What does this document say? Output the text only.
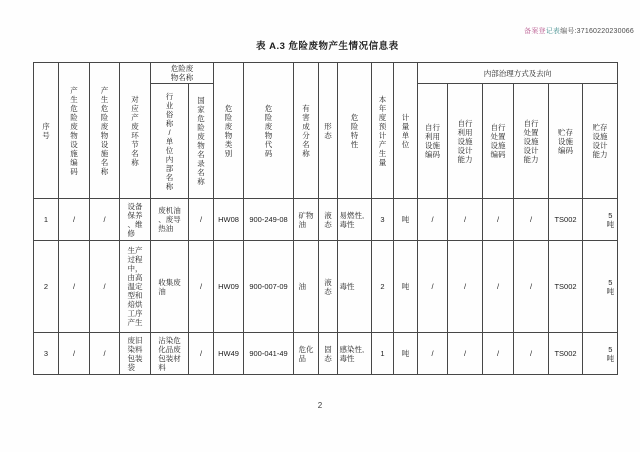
备案登记表编号:37160220230066
表 A.3 危险废物产生情况信息表
序号	产生危险废物设施编码	产生危险废物设施名称	对应产废环节名称	危险废物名称		危险废物类别	危险废物代码	有害成分名称	形态	危险特性	本年度预计产生量	计量单位	内部治理方式及去向					

				行业俗称/单位内部名称	国家危险废物名录名称								自行利用设施编码	自行利用设施设计能力	自行处置设施编码	自行处置设施设计能力	贮存设施编码	贮存设施设计能力

1	/	/	设备保养、维修	废机油、废导热油	/	HW08	900-249-08	矿物油	液态	易燃性,毒性	3	吨	/	/	/	/	TS002	5吨

2	/	/	生产过程中，由高温定型和焙烘工序产生	收集废油	/	HW09	900-007-09	油	液态	毒性	2	吨	/	/	/	/	TS002	5吨

3	/	/	废旧染料包装袋	沾染危化品废包装材料	/	HW49	900-041-49	危化品	固态	感染性,毒性	1	吨	/	/	/	/	TS002	5吨
2
